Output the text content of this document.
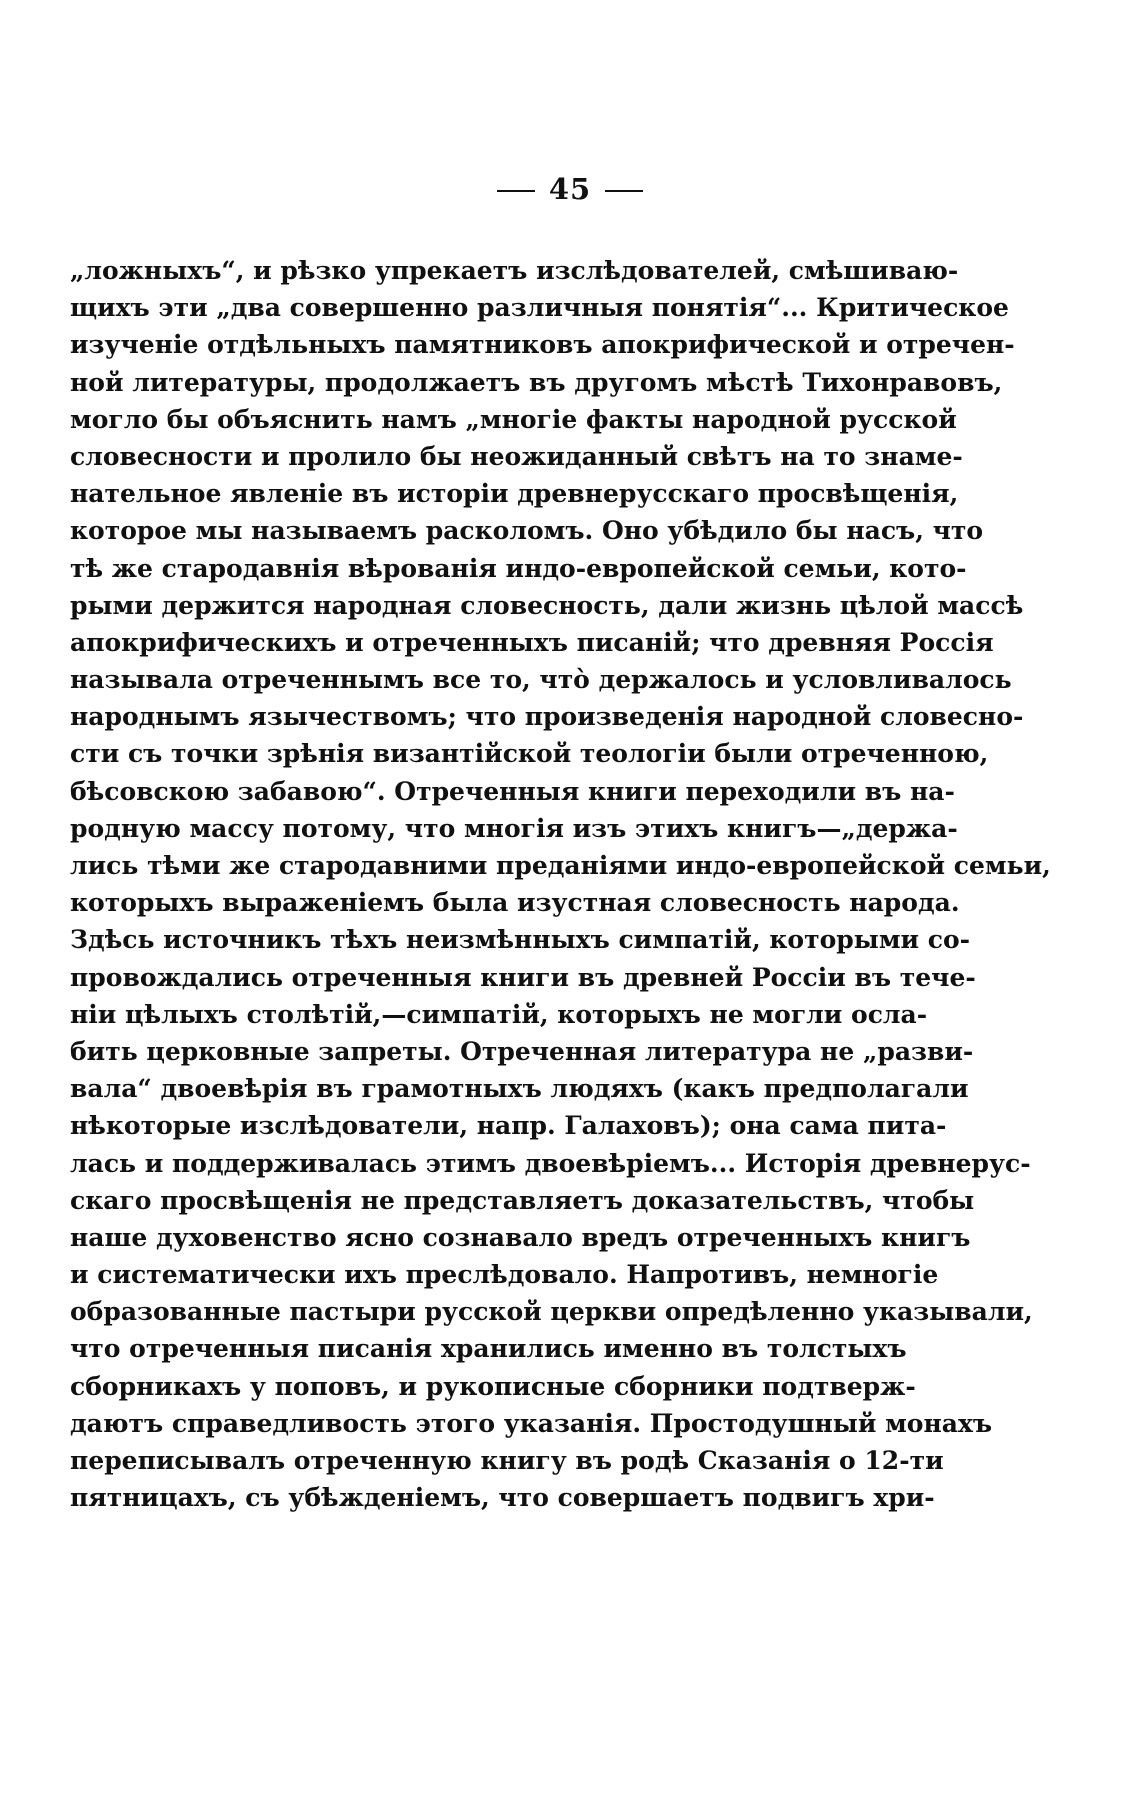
45
„ложныхъ“, и рѣзко упрекаетъ изслѣдователей, смѣшиваю-
щихъ эти „два совершенно различныя понятія“... Критическое
изученіе отдѣльныхъ памятниковъ апокрифической и отречен-
ной литературы, продолжаетъ въ другомъ мѣстѣ Тихонравовъ,
могло бы объяснить намъ „многіе факты народной русской
словесности и пролило бы неожиданный свѣтъ на то знаме-
нательное явленіе въ исторіи древнерусскаго просвѣщенія,
которое мы называемъ расколомъ. Оно убѣдило бы насъ, что
тѣ же стародавнія вѣрованія индо-европейской семьи, кото-
рыми держится народная словесность, дали жизнь цѣлой массѣ
апокрифическихъ и отреченныхъ писаній; что древняя Россія
называла отреченнымъ все то, что̀ держалось и условливалось
народнымъ язычествомъ; что произведенія народной словесно-
сти съ точки зрѣнія византійской теологіи были отреченною,
бѣсовскою забавою“. Отреченныя книги переходили въ на-
родную массу потому, что многія изъ этихъ книгъ—„держа-
лись тѣми же стародавними преданіями индо-европейской семьи,
которыхъ выраженіемъ была изустная словесность народа.
Здѣсь источникъ тѣхъ неизмѣнныхъ симпатій, которыми со-
провождались отреченныя книги въ древней Россіи въ тече-
ніи цѣлыхъ столѣтій,—симпатій, которыхъ не могли осла-
бить церковные запреты. Отреченная литература не „разви-
вала“ двоевѣрія въ грамотныхъ людяхъ (какъ предполагали
нѣкоторые изслѣдователи, напр. Галаховъ); она сама пита-
лась и поддерживалась этимъ двоевѣріемъ... Исторія древнерус-
скаго просвѣщенія не представляетъ доказательствъ, чтобы
наше духовенство ясно сознавало вредъ отреченныхъ книгъ
и систематически ихъ преслѣдовало. Напротивъ, немногіе
образованные пастыри русской церкви опредѣленно указывали,
что отреченныя писанія хранились именно въ толстыхъ
сборникахъ у поповъ, и рукописные сборники подтверж-
даютъ справедливость этого указанія. Простодушный монахъ
переписывалъ отреченную книгу въ родѣ Сказанія о 12-ти
пятницахъ, съ убѣжденіемъ, что совершаетъ подвигъ хри-
